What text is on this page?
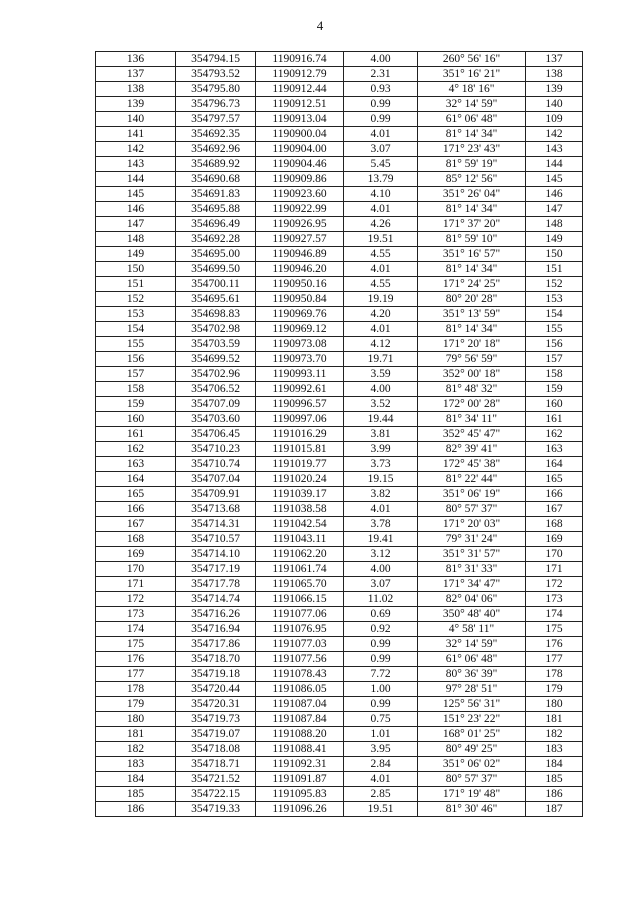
4
136	354794.15	1190916.74	4.00	260° 56' 16"	137
137	354793.52	1190912.79	2.31	351° 16' 21"	138
138	354795.80	1190912.44	0.93	4° 18' 16"	139
139	354796.73	1190912.51	0.99	32° 14' 59"	140
140	354797.57	1190913.04	0.99	61° 06' 48"	109
141	354692.35	1190900.04	4.01	81° 14' 34"	142
142	354692.96	1190904.00	3.07	171° 23' 43"	143
143	354689.92	1190904.46	5.45	81° 59' 19"	144
144	354690.68	1190909.86	13.79	85° 12' 56"	145
145	354691.83	1190923.60	4.10	351° 26' 04"	146
146	354695.88	1190922.99	4.01	81° 14' 34"	147
147	354696.49	1190926.95	4.26	171° 37' 20"	148
148	354692.28	1190927.57	19.51	81° 59' 10"	149
149	354695.00	1190946.89	4.55	351° 16' 57"	150
150	354699.50	1190946.20	4.01	81° 14' 34"	151
151	354700.11	1190950.16	4.55	171° 24' 25"	152
152	354695.61	1190950.84	19.19	80° 20' 28"	153
153	354698.83	1190969.76	4.20	351° 13' 59"	154
154	354702.98	1190969.12	4.01	81° 14' 34"	155
155	354703.59	1190973.08	4.12	171° 20' 18"	156
156	354699.52	1190973.70	19.71	79° 56' 59"	157
157	354702.96	1190993.11	3.59	352° 00' 18"	158
158	354706.52	1190992.61	4.00	81° 48' 32"	159
159	354707.09	1190996.57	3.52	172° 00' 28"	160
160	354703.60	1190997.06	19.44	81° 34' 11"	161
161	354706.45	1191016.29	3.81	352° 45' 47"	162
162	354710.23	1191015.81	3.99	82° 39' 41"	163
163	354710.74	1191019.77	3.73	172° 45' 38"	164
164	354707.04	1191020.24	19.15	81° 22' 44"	165
165	354709.91	1191039.17	3.82	351° 06' 19"	166
166	354713.68	1191038.58	4.01	80° 57' 37"	167
167	354714.31	1191042.54	3.78	171° 20' 03"	168
168	354710.57	1191043.11	19.41	79° 31' 24"	169
169	354714.10	1191062.20	3.12	351° 31' 57"	170
170	354717.19	1191061.74	4.00	81° 31' 33"	171
171	354717.78	1191065.70	3.07	171° 34' 47"	172
172	354714.74	1191066.15	11.02	82° 04' 06"	173
173	354716.26	1191077.06	0.69	350° 48' 40"	174
174	354716.94	1191076.95	0.92	4° 58' 11"	175
175	354717.86	1191077.03	0.99	32° 14' 59"	176
176	354718.70	1191077.56	0.99	61° 06' 48"	177
177	354719.18	1191078.43	7.72	80° 36' 39"	178
178	354720.44	1191086.05	1.00	97° 28' 51"	179
179	354720.31	1191087.04	0.99	125° 56' 31"	180
180	354719.73	1191087.84	0.75	151° 23' 22"	181
181	354719.07	1191088.20	1.01	168° 01' 25"	182
182	354718.08	1191088.41	3.95	80° 49' 25"	183
183	354718.71	1191092.31	2.84	351° 06' 02"	184
184	354721.52	1191091.87	4.01	80° 57' 37"	185
185	354722.15	1191095.83	2.85	171° 19' 48"	186
186	354719.33	1191096.26	19.51	81° 30' 46"	187
